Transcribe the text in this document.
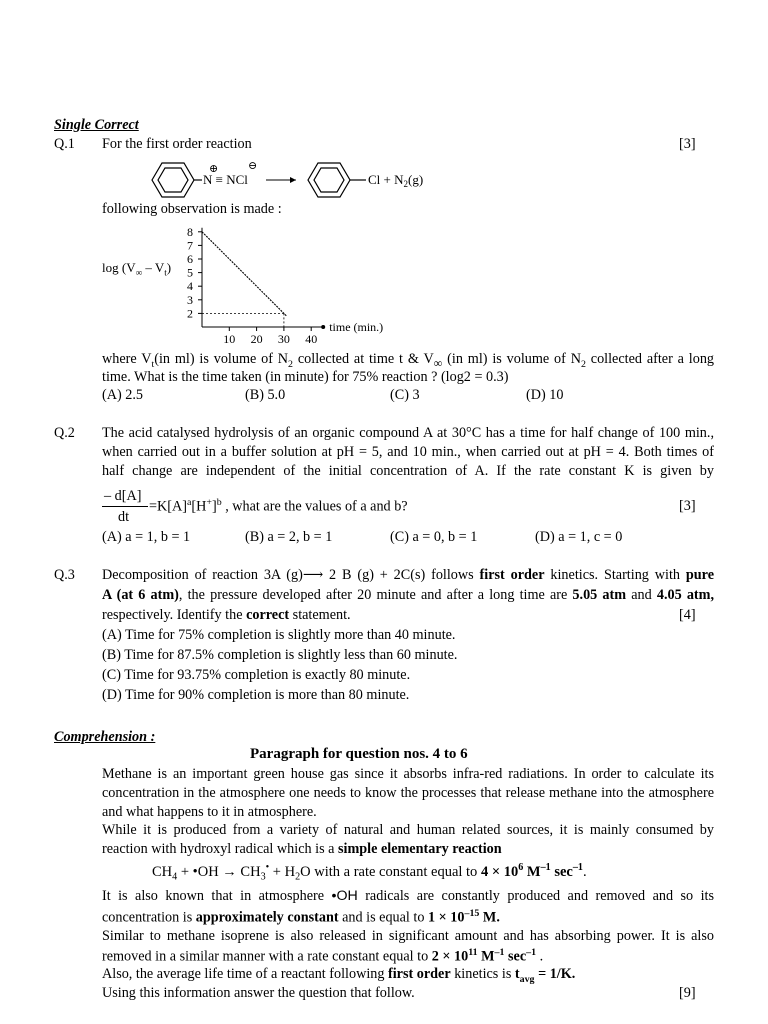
Single Correct
Q.1 For the first order reaction	[3]
⊕	⊖
N ≡ NCl	$Cl + N_2(g)$
following observation is made :
$\log (V_\infty - V_t)$
2
3
4
5
6
7
8
10 20 30 40
time (min.)
where $V_t(in$ ml) is volume of $N_2$ collected at time t & $V_\infty$ (in ml) is volume of $N_2$ collected after a long
time. What is the time taken (in minute) for 75% reaction ? (log2 = 0.3)
(A) 2.5	(B) 5.0	(C) 3	(D) 10
Q.2 The acid catalysed hydrolysis of an organic compound A at 30°C has a time for half change of 100 min.,
when carried out in a buffer solution at pH = 5, and 10 min., when carried out at pH = 4. Both times of
half change are independent of the initial concentration of A. If the rate constant K is given by
– d[A]
dt
$=K[A]^a[H^+]^b$ , what are the values of a and b?	[3]
(A) a = 1, b = 1	(B) a = 2, b = 1	(C) a = 0, b = 1	(D) a = 1, c = 0
Q.3 Decomposition of reaction 3A (g)⟶ 2 B (g) + 2C(s) follows first order kinetics. Starting with pure
A (at 6 atm), the pressure developed after 20 minute and after a long time are 5.05 atm and 4.05 atm,
respectively. Identify the correct statement.	[4]
(A) Time for 75% completion is slightly more than 40 minute.
(B) Time for 87.5% completion is slightly less than 60 minute.
(C) Time for 93.75% completion is exactly 80 minute.
(D) Time for 90% completion is more than 80 minute.
Comprehension :
Paragraph for question nos. 4 to 6
Methane is an important green house gas since it absorbs infra-red radiations. In order to calculate its
concentration in the atmosphere one needs to know the processes that release methane into the atmosphere
and what happens to it in atmosphere.
While it is produced from a variety of natural and human related sources, it is mainly consumed by
reaction with hydroxyl radical which is a simple elementary reaction
$CH_4$ + •OH → $CH_3^• + H_2O$ with a rate constant equal to $4 \times 10^6$ $M^{-1}$ $\sec^{-1}$.
It is also known that in atmosphere •OH radicals are constantly produced and removed and so its
concentration is approximately constant and is equal to $1 \times 10^{-15}$ M.
Similar to methane isoprene is also released in significant amount and has absorbing power. It is also
removed in a similar manner with a rate constant equal to $2 \times 10^{11}$ $M^{-1}$ $\sec^{-1}$ .
Also, the average life time of a reactant following first order kinetics is $t_{avg} = 1/K$.
Using this information answer the question that follow.	[9]
